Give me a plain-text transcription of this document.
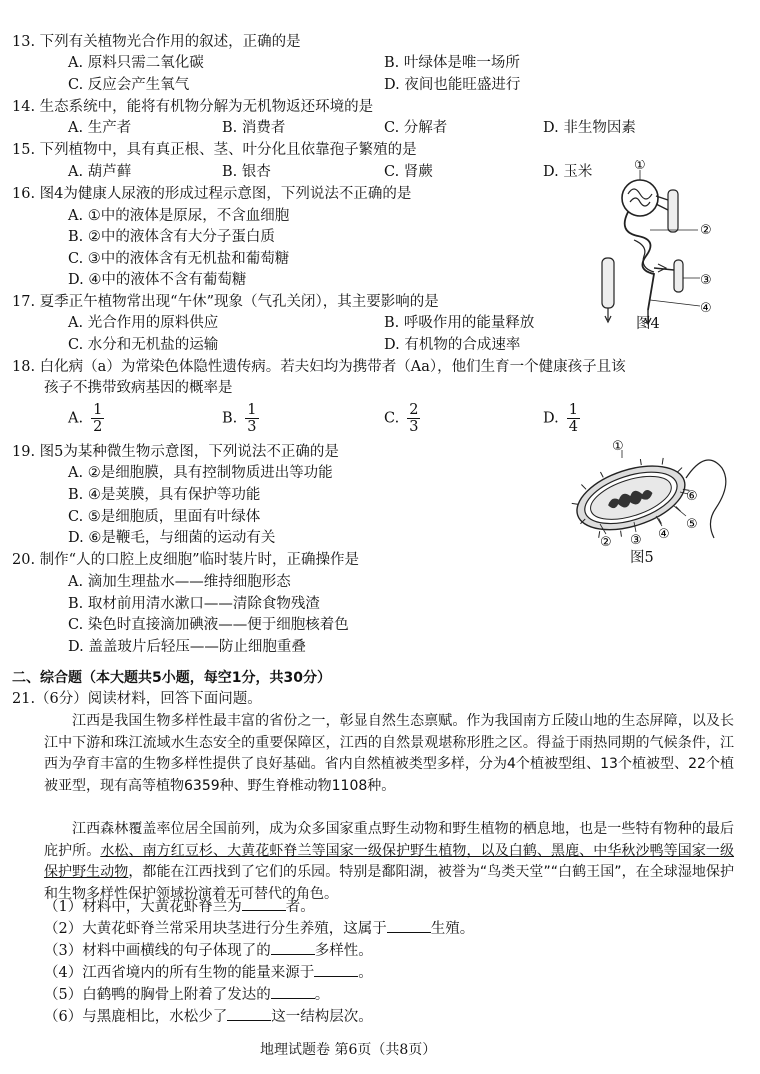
13. 下列有关植物光合作用的叙述，正确的是
A. 原料只需二氧化碳	B. 叶绿体是唯一场所
C. 反应会产生氧气	D. 夜间也能旺盛进行
14. 生态系统中，能将有机物分解为无机物返还环境的是
A. 生产者	B. 消费者	C. 分解者	D. 非生物因素
15. 下列植物中，具有真正根、茎、叶分化且依靠孢子繁殖的是
A. 葫芦藓	B. 银杏	C. 肾蕨	D. 玉米
16. 图4为健康人尿液的形成过程示意图，下列说法不正确的是
A. ①中的液体是原尿，不含血细胞
B. ②中的液体含有大分子蛋白质
C. ③中的液体含有无机盐和葡萄糖
D. ④中的液体不含有葡萄糖
①
②
③
④
图4
17. 夏季正午植物常出现“午休”现象（气孔关闭），其主要影响的是
A. 光合作用的原料供应	B. 呼吸作用的能量释放
C. 水分和无机盐的运输	D. 有机物的合成速率
18. 白化病（a）为常染色体隐性遗传病。若夫妇均为携带者（Aa），他们生育一个健康孩子且该
孩子不携带致病基因的概率是
A. $\frac{1}{2}$	B. $\frac{1}{3}$	C. $\frac{2}{3}$	D. $\frac{1}{4}$
19. 图5为某种微生物示意图，下列说法不正确的是
A. ②是细胞膜，具有控制物质进出等功能
B. ④是荚膜，具有保护等功能
C. ⑤是细胞质，里面有叶绿体
D. ⑥是鞭毛，与细菌的运动有关
①
② ③ ④
⑤
⑥
图5
20. 制作“人的口腔上皮细胞”临时装片时，正确操作是
A. 滴加生理盐水——维持细胞形态
B. 取材前用清水漱口——清除食物残渣
C. 染色时直接滴加碘液——便于细胞核着色
D. 盖盖玻片后轻压——防止细胞重叠
二、综合题（本大题共5小题，每空1分，共30分）
21.（6分）阅读材料，回答下面问题。
江西是我国生物多样性最丰富的省份之一，彰显自然生态禀赋。作为我国南方丘陵山地的生态屏障，以及长江中下游和珠江流域水生态安全的重要保障区，江西的自然景观堪称形胜之区。得益于雨热同期的气候条件，江西为孕育丰富的生物多样性提供了良好基础。省内自然植被类型多样，分为4个植被型组、13个植被型、22个植被亚型，现有高等植物6359种、野生脊椎动物1108种。
江西森林覆盖率位居全国前列，成为众多国家重点野生动物和野生植物的栖息地，也是一些特有物种的最后庇护所。水松、南方红豆杉、大黄花虾脊兰等国家一级保护野生植物，以及白鹤、黑鹿、中华秋沙鸭等国家一级保护野生动物，都能在江西找到了它们的乐园。特别是鄱阳湖，被誉为“鸟类天堂”“白鹤王国”，在全球湿地保护和生物多样性保护领域扮演着无可替代的角色。
（1）材料中，大黄花虾脊兰为	者。
（2）大黄花虾脊兰常采用块茎进行分生养殖，这属于	生殖。
（3）材料中画横线的句子体现了的	多样性。
（4）江西省境内的所有生物的能量来源于	。
（5）白鹤鸭的胸骨上附着了发达的	。
（6）与黑鹿相比，水松少了	这一结构层次。
地理试题卷 第6页（共8页）
